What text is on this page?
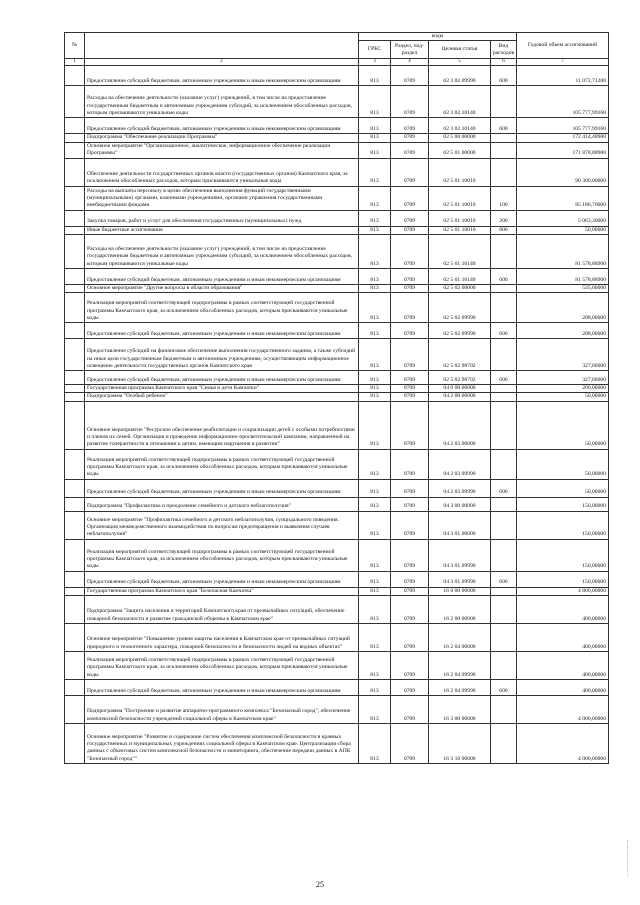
№		коды				Годовой объем ассигнований
		ГРБС	Раздел, под-раздел	Целевая статья	Вид расходов	
1	2	3	4	5	6	7
	Предоставление субсидий бюджетным, автономным учреждениям и иным некоммерческим организациям	813	0709	02 3 02 09990	600	11 072,71200
	Расходы на обеспечение деятельности (оказание услуг) учреждений, в том числе на предоставление государственным бюджетным и автономным учреждениям субсидий, за исключением обособленных расходов, которым присваиваются уникальные коды	813	0709	02 3 02 10140		105 777,99160
	Предоставление субсидий бюджетным, автономным учреждениям и иным некоммерческим организациям	813	0709	02 3 02 10140	600	105 777,99160
	Подпрограмма "Обеспечение реализации Программы"	813	0709	02 5 00 00000		172 414,48900
	Основное мероприятие "Организационное, аналитическое, информационное обеспечение реализации Программы"	813	0709	02 5 01 00000		171 878,88900
	Обеспечение деятельности государственных органов власти (государственных органов) Камчатского края, за исключением обособленных расходов, которым присваиваются уникальные коды	813	0709	02 5 01 10010		90 300,00000
	Расходы на выплаты персоналу в целях обеспечения выполнения функций государственными (муниципальными) органами, казенными учреждениями, органами управления государственными внебюджетными фондами	813	0709	02 5 01 10010	100	85 186,70000
	Закупка товаров, работ и услуг для обеспечения государственных (муниципальных) нужд	813	0709	02 5 01 10010	200	5 063,30000
	Иные бюджетные ассигнования	813	0709	02 5 01 10010	800	50,00000
	Расходы на обеспечение деятельности (оказание услуг) учреждений, в том числе на предоставление государственным бюджетным и автономным учреждениям субсидий, за исключением обособленных расходов, которым присваиваются уникальные коды	813	0709	02 5 01 10140		81 578,88900
	Предоставление субсидий бюджетным, автономным учреждениям и иным некоммерческим организациям	813	0709	02 5 01 10140	600	81 578,88900
	Основное мероприятие "Другие вопросы в области образования"	813	0709	02 5 02 00000		535,60000
	Реализация мероприятий соответствующей подпрограммы в рамках соответствующей государственной программы Камчатского края, за исключением обособленных расходов, которым присваиваются уникальные коды	813	0709	02 5 02 09990		208,00000
	Предоставление субсидий бюджетным, автономным учреждениям и иным некоммерческим организациям	813	0709	02 5 02 09990	600	208,00000
	Предоставление субсидий на финансовое обеспечение выполнения государственного задания, а также субсидий на иные цели государственным бюджетным и автономным учреждениям, осуществляющим информационное освещение деятельности государственных органов Камчатского края	813	0709	02 5 02 98702		327,60000
	Предоставление субсидий бюджетным, автономным учреждениям и иным некоммерческим организациям	813	0709	02 5 02 98702	600	327,60000
	Государственная программа Камчатского края "Семья и дети Камчатки"	813	0709	04 0 00 00000		200,00000
	Подпрограмма "Особый ребенок"	813	0709	04 2 00 00000		50,00000
	Основное мероприятие "Ресурсное обеспечение реабилитации и социализации детей с особыми потребностями и членов их семей. Организация и проведение информационно-просветительской кампании, направленной на развитие толерантности в отношении к детям, имеющим нарушения в развитии"	813	0709	04 2 03 00000		50,00000
	Реализация мероприятий соответствующей подпрограммы в рамках соответствующей государственной программы Камчатского края, за исключением обособленных расходов, которым присваиваются уникальные коды	813	0709	04 2 03 09990		50,00000
	Предоставление субсидий бюджетным, автономным учреждениям и иным некоммерческим организациям	813	0709	04 2 03 09990	600	50,00000
	Подпрограмма "Профилактика и преодоление семейного и детского неблагополучия"	813	0709	04 3 00 00000		150,00000
	Основное мероприятие "Профилактика семейного и детского неблагополучия, суицидального поведения. Организация межведомственного взаимодействия по вопросам предотвращения и выявления случаев неблагополучия"	813	0709	04 3 01 00000		150,00000
	Реализация мероприятий соответствующей подпрограммы в рамках соответствующей государственной программы Камчатского края, за исключением обособленных расходов, которым присваиваются уникальные коды	813	0709	04 3 01 09990		150,00000
	Предоставление субсидий бюджетным, автономным учреждениям и иным некоммерческим организациям	813	0709	04 3 01 09990	600	150,00000
	Государственная программа Камчатского края "Безопасная Камчатка"	813	0709	16 0 00 00000		4 800,00000
	Подпрограмма "Защита населения и территорий Камчатского края от чрезвычайных ситуаций, обеспечение пожарной безопасности и развитие гражданской обороны в Камчатском крае"	813	0709	16 2 00 00000		400,00000
	Основное мероприятие "Повышение уровня защиты населения в Камчатском крае от чрезвычайных ситуаций природного и техногенного характера, пожарной безопасности и безопасности людей на водных объектах"	813	0709	16 2 04 00000		400,00000
	Реализация мероприятий соответствующей подпрограммы в рамках соответствующей государственной программы Камчатского края, за исключением обособленных расходов, которым присваиваются уникальные коды	813	0709	16 2 04 09990		400,00000
	Предоставление субсидий бюджетным, автономным учреждениям и иным некоммерческим организациям	813	0709	16 2 04 09990	600	400,00000
	Подпрограмма "Построение и развитие аппаратно-программного комплекса "Безопасный город", обеспечение комплексной безопасности учреждений социальной сферы в Камчатском крае"	813	0709	16 3 00 00000		4 000,00000
	Основное мероприятие "Развитие и содержание систем обеспечения комплексной безопасности в краевых государственных и муниципальных учреждениях социальной сферы в Камчатском крае. Централизация сбора данных с объектовых систем комплексной безопасности и мониторинга, обеспечение передачи данных в АПК "Безопасный город""	813	0709	16 3 10 00000		4 000,00000
25
